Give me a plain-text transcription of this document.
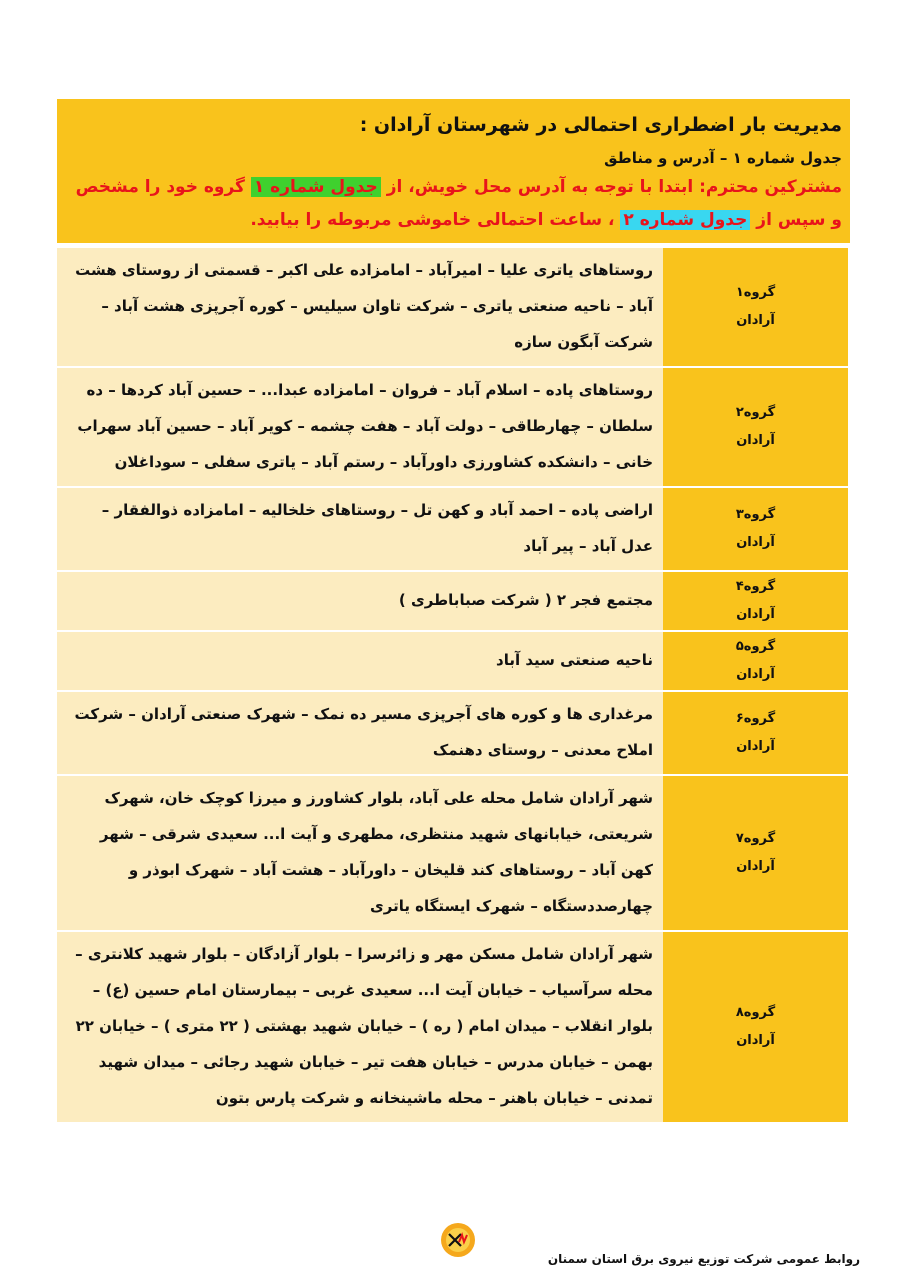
مدیریت بار اضطراری احتمالی در شهرستان آرادان :
جدول شماره ۱ – آدرس و مناطق
مشترکین محترم: ابتدا با توجه به آدرس محل خویش، از جدول شماره ۱ گروه خود را مشخص و سپس از جدول شماره ۲ ، ساعت احتمالی خاموشی مربوطه را بیابید.
گروه۱
آرادان	روستاهای یاتری علیا – امیرآباد – امامزاده علی اکبر – قسمتی از روستای هشت آباد – ناحیه صنعتی یاتری – شرکت تاوان سیلیس – کوره آجرپزی هشت آباد – شرکت آبگون سازه

گروه۲
آرادان	روستاهای پاده – اسلام آباد – فروان – امامزاده عبدا... – حسین آباد کردها – ده سلطان – چهارطاقی – دولت آباد – هفت چشمه – کویر آباد – حسین آباد سهراب خانی – دانشکده کشاورزی داورآباد – رستم آباد – یاتری سفلی – سوداغلان

گروه۳
آرادان	اراضی پاده – احمد آباد و کهن تل – روستاهای خلخالیه – امامزاده ذوالفقار – عدل آباد – پیر آباد

گروه۴
آرادان	مجتمع فجر ۲ ( شرکت صباباطری )

گروه۵
آرادان	ناحیه صنعتی سید آباد

گروه۶
آرادان	مرغداری ها و کوره های آجرپزی مسیر ده نمک – شهرک صنعتی آرادان – شرکت املاح معدنی – روستای دهنمک

گروه۷
آرادان	شهر آرادان شامل محله علی آباد، بلوار کشاورز و میرزا کوچک خان، شهرک شریعتی، خیابانهای شهید منتظری، مطهری و آیت ا... سعیدی شرقی – شهر کهن آباد – روستاهای کند قلیخان – داورآباد – هشت آباد – شهرک ابوذر و چهارصددستگاه – شهرک ایستگاه یاتری

گروه۸
آرادان	شهر آرادان شامل مسکن مهر و زائرسرا – بلوار آزادگان – بلوار شهید کلانتری – محله سرآسیاب – خیابان آیت ا... سعیدی غربی – بیمارستان امام حسین (ع) – بلوار انقلاب – میدان امام ( ره ) – خیابان شهید بهشتی ( ۲۲ متری ) – خیابان ۲۲ بهمن – خیابان مدرس – خیابان هفت تیر – خیابان شهید رجائی – میدان شهید تمدنی – خیابان باهنر – محله ماشینخانه و شرکت پارس بتون
روابط عمومی شرکت توزیع نیروی برق استان سمنان
